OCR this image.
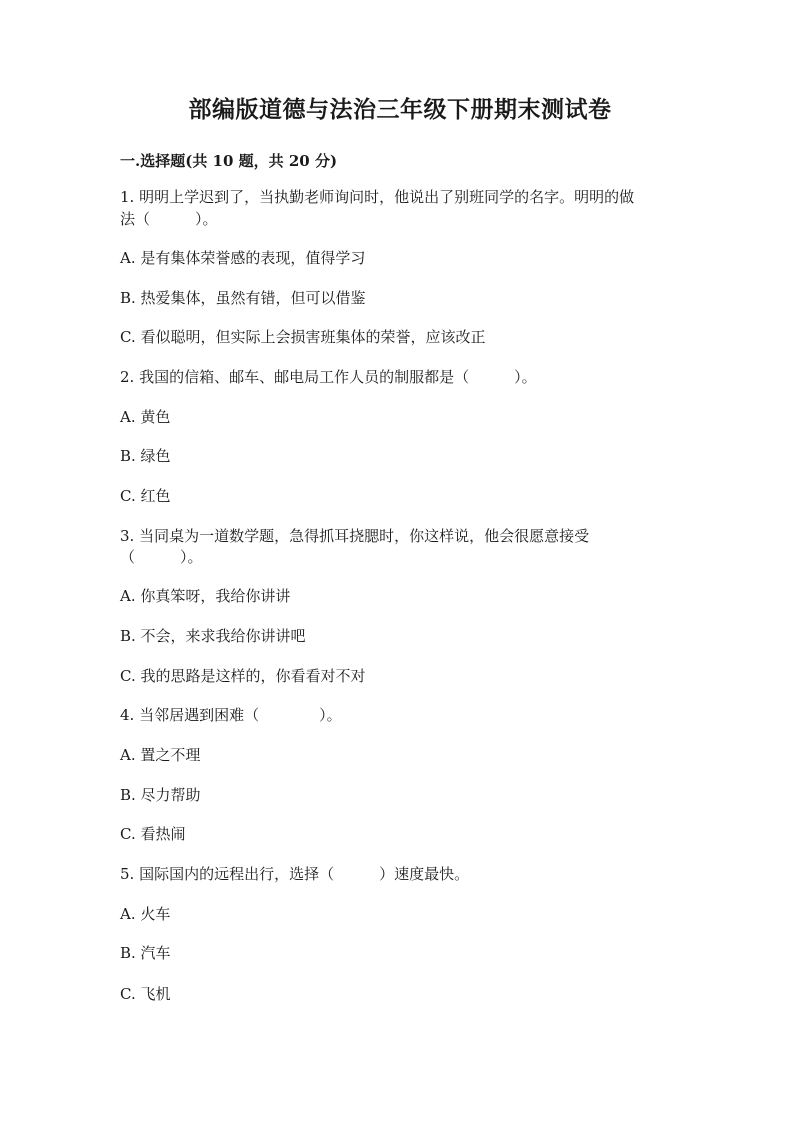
部编版道德与法治三年级下册期末测试卷
一.选择题(共 10 题，共 20 分)
1. 明明上学迟到了，当执勤老师询问时，他说出了别班同学的名字。明明的做
法（　　　）。
A. 是有集体荣誉感的表现，值得学习
B. 热爱集体，虽然有错，但可以借鉴
C. 看似聪明，但实际上会损害班集体的荣誉，应该改正
2. 我国的信箱、邮车、邮电局工作人员的制服都是（　　　）。
A. 黄色
B. 绿色
C. 红色
3. 当同桌为一道数学题，急得抓耳挠腮时，你这样说，他会很愿意接受
（　　　）。
A. 你真笨呀，我给你讲讲
B. 不会，来求我给你讲讲吧
C. 我的思路是这样的，你看看对不对
4. 当邻居遇到困难（　　　　）。
A. 置之不理
B. 尽力帮助
C. 看热闹
5. 国际国内的远程出行，选择（　　　）速度最快。
A. 火车
B. 汽车
C. 飞机
